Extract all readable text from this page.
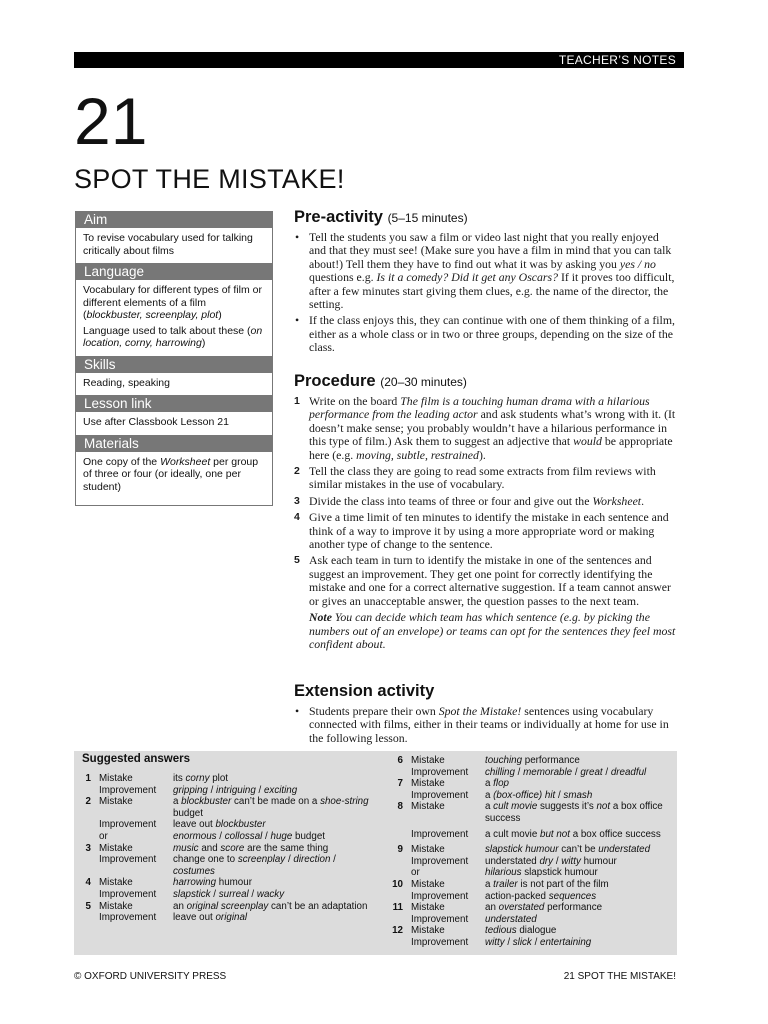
TEACHER’S NOTES
21
SPOT THE MISTAKE!
Aim

To revise vocabulary used for talking critically about films

Language

Vocabulary for different types of film or different elements of a film (blockbuster, screenplay, plot)

Language used to talk about these (on location, corny, harrowing)

Skills

Reading, speaking

Lesson link

Use after Classbook Lesson 21

Materials

One copy of the Worksheet per group of three or four (or ideally, one per student)

Pre-activity (5–15 minutes)
• Tell the students you saw a film or video last night that you really enjoyed and that they must see! (Make sure you have a film in mind that you can talk about!) Tell them they have to find out what it was by asking you yes / no questions e.g. Is it a comedy? Did it get any Oscars? If it proves too difficult, after a few minutes start giving them clues, e.g. the name of the director, the setting.
• If the class enjoys this, they can continue with one of them thinking of a film, either as a whole class or in two or three groups, depending on the size of the class.
Procedure (20–30 minutes)
1 Write on the board The film is a touching human drama with a hilarious performance from the leading actor and ask students what’s wrong with it. (It doesn’t make sense; you probably wouldn’t have a hilarious performance in this type of film.) Ask them to suggest an adjective that would be appropriate here (e.g. moving, subtle, restrained).
2 Tell the class they are going to read some extracts from film reviews with similar mistakes in the use of vocabulary.
3 Divide the class into teams of three or four and give out the Worksheet.
4 Give a time limit of ten minutes to identify the mistake in each sentence and think of a way to improve it by using a more appropriate word or making another type of change to the sentence.
5 Ask each team in turn to identify the mistake in one of the sentences and suggest an improvement. They get one point for correctly identifying the mistake and one for a correct alternative suggestion. If a team cannot answer or gives an unacceptable answer, the question passes to the next team.
Note You can decide which team has which sentence (e.g. by picking the numbers out of an envelope) or teams can opt for the sentences they feel most confident about.
Extension activity
• Students prepare their own Spot the Mistake! sentences using vocabulary connected with films, either in their teams or individually at home for use in the following lesson.
Suggested answers
1 Mistake	its corny plot
Improvement	gripping / intriguing / exciting
2 Mistake	a blockbuster can’t be made on a shoe-string budget
Improvement	leave out blockbuster
or	enormous / collossal / huge budget
3 Mistake	music and score are the same thing
Improvement	change one to screenplay / direction / costumes
4 Mistake	harrowing humour
Improvement	slapstick / surreal / wacky
5 Mistake	an original screenplay can’t be an adaptation
Improvement	leave out original
6 Mistake	touching performance
Improvement	chilling / memorable / great / dreadful
7 Mistake	a flop
Improvement	a (box-office) hit / smash
8 Mistake	a cult movie suggests it’s not a box office success
Improvement	a cult movie but not a box office success
9 Mistake	slapstick humour can’t be understated
Improvement	understated dry / witty humour
or	hilarious slapstick humour
10 Mistake	a trailer is not part of the film
Improvement	action-packed sequences
11 Mistake	an overstated performance
Improvement	understated
12 Mistake	tedious dialogue
Improvement	witty / slick / entertaining
© OXFORD UNIVERSITY PRESS	21 SPOT THE MISTAKE!
